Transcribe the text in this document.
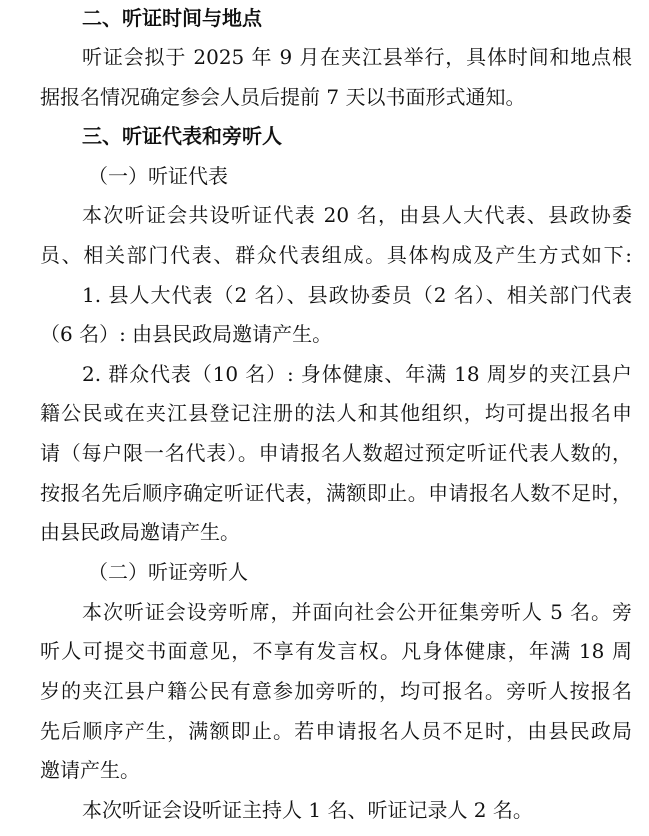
二、听证时间与地点
听证会拟于 2025 年 9 月在夹江县举行，具体时间和地点根
据报名情况确定参会人员后提前 7 天以书面形式通知。
三、听证代表和旁听人
（一）听证代表
本次听证会共设听证代表 20 名，由县人大代表、县政协委
员、相关部门代表、群众代表组成。具体构成及产生方式如下:
1. 县人大代表（2 名）、县政协委员（2 名）、相关部门代表
（6 名）: 由县民政局邀请产生。
2. 群众代表（10 名）: 身体健康、年满 18 周岁的夹江县户
籍公民或在夹江县登记注册的法人和其他组织，均可提出报名申
请（每户限一名代表）。申请报名人数超过预定听证代表人数的，
按报名先后顺序确定听证代表，满额即止。申请报名人数不足时，
由县民政局邀请产生。
（二）听证旁听人
本次听证会设旁听席，并面向社会公开征集旁听人 5 名。旁
听人可提交书面意见，不享有发言权。凡身体健康，年满 18 周
岁的夹江县户籍公民有意参加旁听的，均可报名。旁听人按报名
先后顺序产生，满额即止。若申请报名人员不足时，由县民政局
邀请产生。
本次听证会设听证主持人 1 名、听证记录人 2 名。
